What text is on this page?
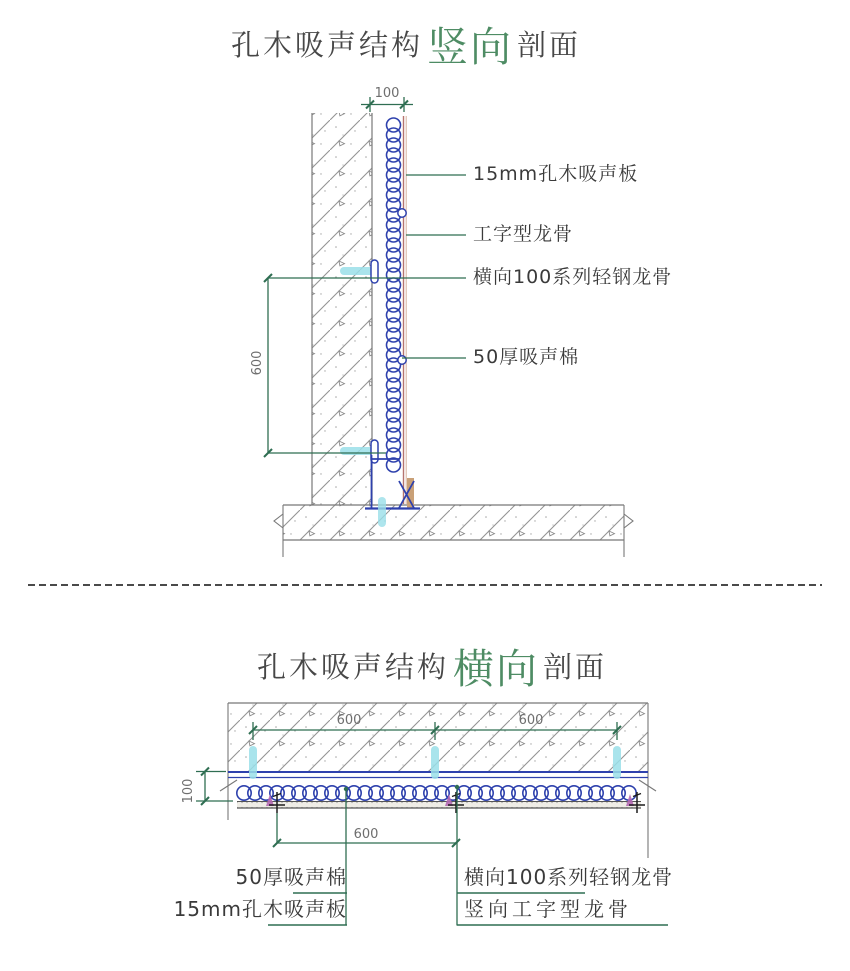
孔木吸声结构 竖向 剖面
100
600
15mm孔木吸声板
工字型龙骨
横向100系列轻钢龙骨
50厚吸声棉
孔木吸声结构 横向 剖面
600	600
100
600
50厚吸声棉
15mm孔木吸声板
横向100系列轻钢龙骨
竖向工字型龙骨
